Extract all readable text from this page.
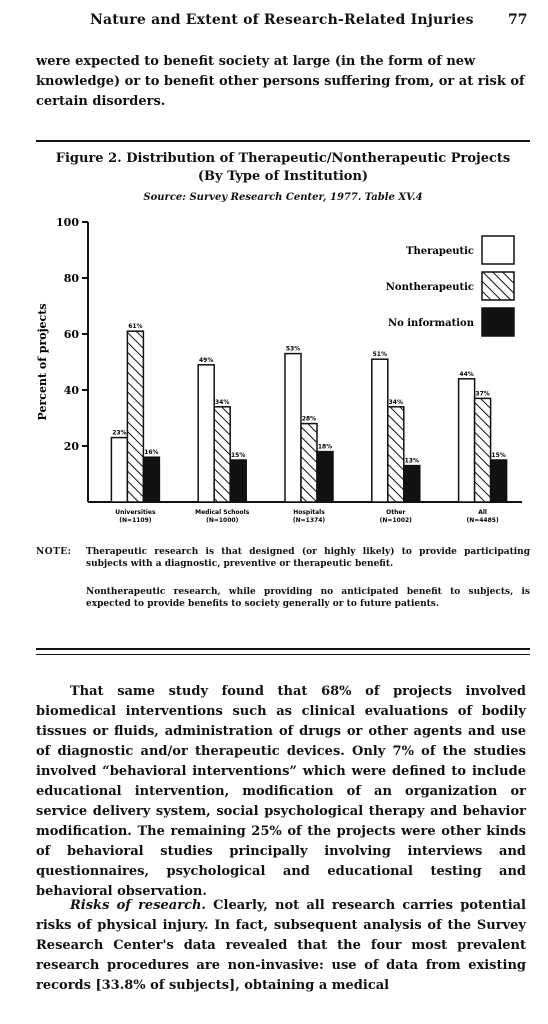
Nature and Extent of Research-Related Injuries 77
were expected to benefit society at large (in the form of new knowledge) or to benefit other persons suffering from, or at risk of certain disorders.
Figure 2. Distribution of Therapeutic/Nontherapeutic Projects
(By Type of Institution)
Source: Survey Research Center, 1977. Table XV.4
20
40
60
80
100
Percent of projects
23%
61%
16%
Universities
(N=1109)
49%
34%
15%
Medical Schools
(N=1000)
53%
28%
18%
Hospitals
(N=1374)
51%
34%
13%
Other
(N=1002)
44%
37%
15%
All
(N=4485)
Therapeutic
Nontherapeutic
No information
NOTE: Therapeutic research is that designed (or highly likely) to provide participating subjects with a diagnostic, preventive or therapeutic benefit.
Nontherapeutic research, while providing no anticipated benefit to subjects, is expected to provide benefits to society generally or to future patients.
That same study found that 68% of projects involved biomedical interventions such as clinical evaluations of bodily tissues or fluids, administration of drugs or other agents and use of diagnostic and/or therapeutic devices. Only 7% of the studies involved “behavioral interventions” which were defined to include educational intervention, modification of an organization or service delivery system, social psychological therapy and behavior modification. The remaining 25% of the projects were other kinds of behavioral studies principally involving interviews and questionnaires, psychological and educational testing and behavioral observation.
Risks of research. Clearly, not all research carries potential risks of physical injury. In fact, subsequent analysis of the Survey Research Center's data revealed that the four most prevalent research procedures are non-invasive: use of data from existing records [33.8% of subjects], obtaining a medical
